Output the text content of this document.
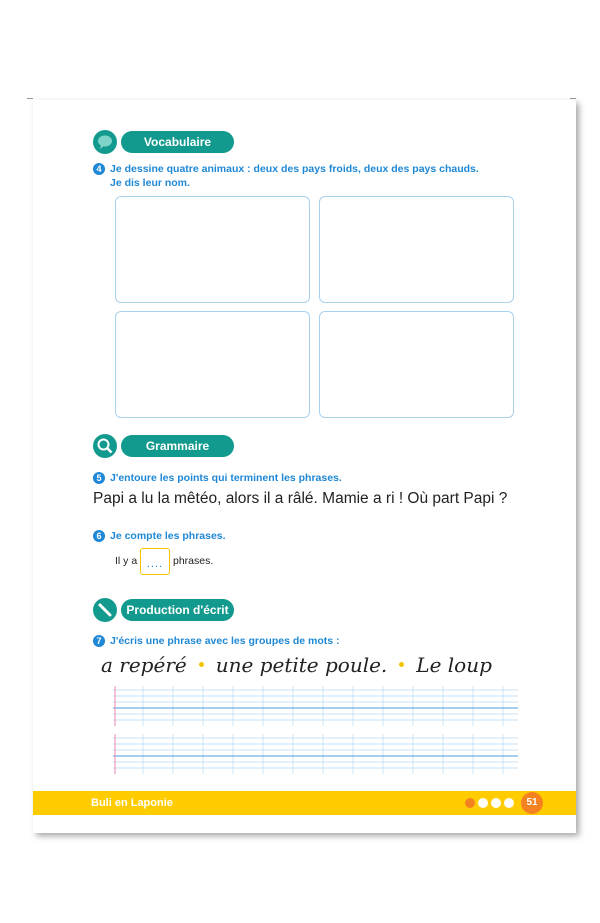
Vocabulaire
4 Je dessine quatre animaux : deux des pays froids, deux des pays chauds.
Je dis leur nom.
Grammaire
5 J'entoure les points qui terminent les phrases.
Papi a lu la mêtéo, alors il a râlé. Mamie a ri ! Où part Papi ?
6 Je compte les phrases.
Il y a .... phrases.
Production d'écrit
7 J'écris une phrase avec les groupes de mots :
a repéré une petite poule. Le loup
Buli en Laponie	51
